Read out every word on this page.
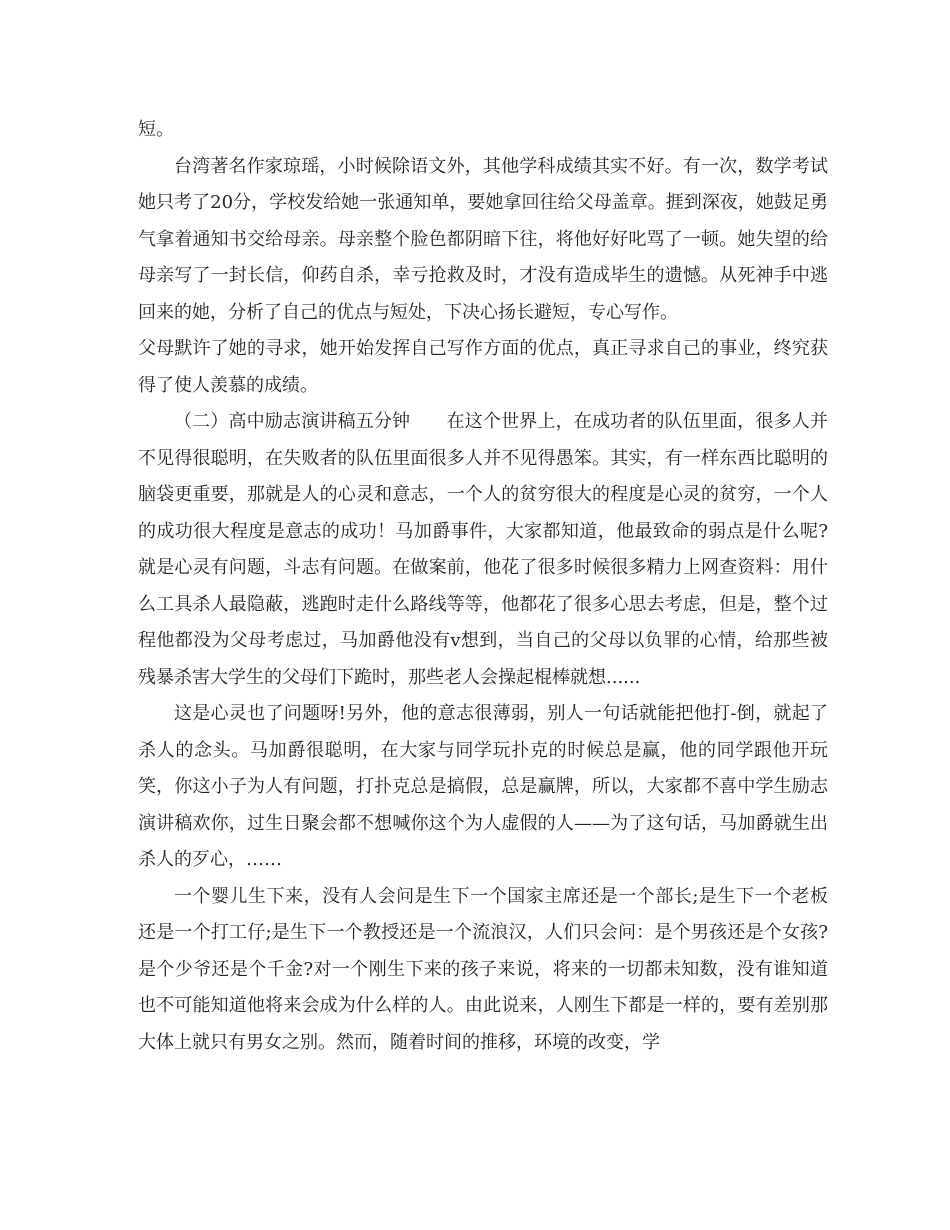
短。

台湾著名作家琼瑶，小时候除语文外，其他学科成绩其实不好。有一次，数学考试她只考了20分，学校发给她一张通知单，要她拿回往给父母盖章。捱到深夜，她鼓足勇气拿着通知书交给母亲。母亲整个脸色都阴暗下往，将他好好叱骂了一顿。她失望的给母亲写了一封长信，仰药自杀，幸亏抢救及时，才没有造成毕生的遗憾。从死神手中逃回来的她，分析了自己的优点与短处，下决心扬长避短，专心写作。

父母默许了她的寻求，她开始发挥自己写作方面的优点，真正寻求自己的事业，终究获得了使人羡慕的成绩。

（二）高中励志演讲稿五分钟　　在这个世界上，在成功者的队伍里面，很多人并不见得很聪明，在失败者的队伍里面很多人并不见得愚笨。其实，有一样东西比聪明的脑袋更重要，那就是人的心灵和意志，一个人的贫穷很大的程度是心灵的贫穷，一个人的成功很大程度是意志的成功！马加爵事件，大家都知道，他最致命的弱点是什么呢?就是心灵有问题，斗志有问题。在做案前，他花了很多时候很多精力上网查资料：用什么工具杀人最隐蔽，逃跑时走什么路线等等，他都花了很多心思去考虑，但是，整个过程他都没为父母考虑过，马加爵他没有v想到，当自己的父母以负罪的心情，给那些被残暴杀害大学生的父母们下跪时，那些老人会操起棍棒就想......

这是心灵也了问题呀!另外，他的意志很薄弱，别人一句话就能把他打-倒，就起了杀人的念头。马加爵很聪明，在大家与同学玩扑克的时候总是赢，他的同学跟他开玩笑，你这小子为人有问题，打扑克总是搞假，总是赢牌，所以，大家都不喜中学生励志演讲稿欢你，过生日聚会都不想喊你这个为人虚假的人——为了这句话，马加爵就生出杀人的歹心，……

一个婴儿生下来，没有人会问是生下一个国家主席还是一个部长;是生下一个老板还是一个打工仔;是生下一个教授还是一个流浪汉，人们只会问：是个男孩还是个女孩?是个少爷还是个千金?对一个刚生下来的孩子来说，将来的一切都未知数，没有谁知道也不可能知道他将来会成为什么样的人。由此说来，人刚生下都是一样的，要有差别那大体上就只有男女之别。然而，随着时间的推移，环境的改变，学
